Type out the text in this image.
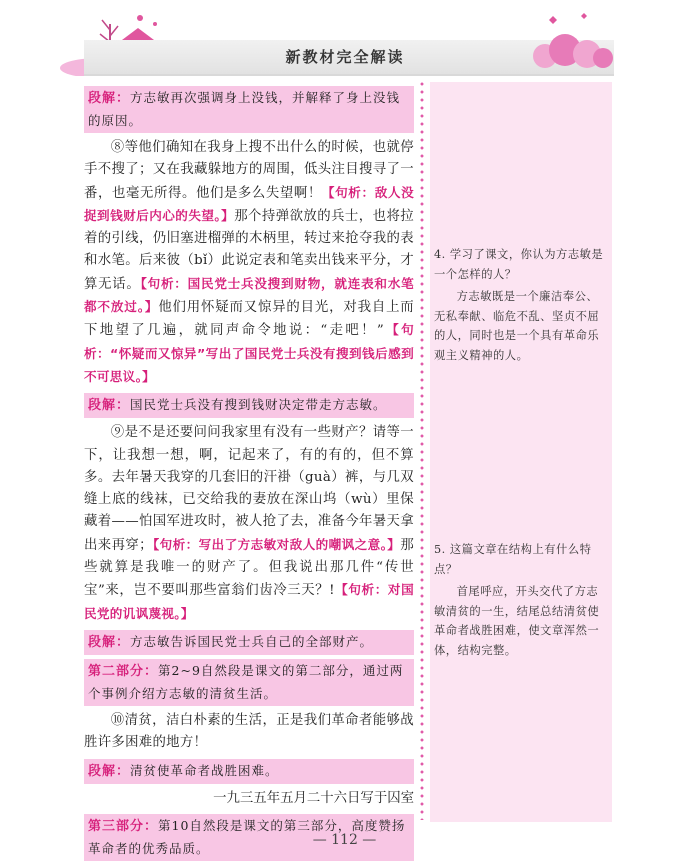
新教材完全解读
段解：方志敏再次强调身上没钱，并解释了身上没钱的原因。

⑧等他们确知在我身上搜不出什么的时候，也就停手不搜了；又在我藏躲地方的周围，低头注目搜寻了一番，也毫无所得。他们是多么失望啊！【句析：敌人没捉到钱财后内心的失望。】那个持弹欲放的兵士，也将拉着的引线，仍旧塞进榴弹的木柄里，转过来抢夺我的表和水笔。后来彼（bǐ）此说定表和笔卖出钱来平分，才算无话。【句析：国民党士兵没搜到财物，就连表和水笔都不放过。】他们用怀疑而又惊异的目光，对我自上而下地望了几遍，就同声命令地说：“走吧！”【句析：“怀疑而又惊异”写出了国民党士兵没有搜到钱后感到不可思议。】

段解：国民党士兵没有搜到钱财决定带走方志敏。

⑨是不是还要问问我家里有没有一些财产？请等一下，让我想一想，啊，记起来了，有的有的，但不算多。去年暑天我穿的几套旧的汗褂（guà）裤，与几双缝上底的线袜，已交给我的妻放在深山坞（wù）里保藏着——怕国军进攻时，被人抢了去，准备今年暑天拿出来再穿；【句析：写出了方志敏对敌人的嘲讽之意。】那些就算是我唯一的财产了。但我说出那几件“传世宝”来，岂不要叫那些富翁们齿冷三天？!【句析：对国民党的讥讽蔑视。】

段解：方志敏告诉国民党士兵自己的全部财产。
第二部分：第2~9自然段是课文的第二部分，通过两个事例介绍方志敏的清贫生活。

⑩清贫，洁白朴素的生活，正是我们革命者能够战胜许多困难的地方！

段解：清贫使革命者战胜困难。
一九三五年五月二十六日写于囚室
第三部分：第10自然段是课文的第三部分，高度赞扬革命者的优秀品质。
4. 学习了课文，你认为方志敏是一个怎样的人？
方志敏既是一个廉洁奉公、无私奉献、临危不乱、坚贞不屈的人，同时也是一个具有革命乐观主义精神的人。
5. 这篇文章在结构上有什么特点？
首尾呼应，开头交代了方志敏清贫的一生，结尾总结清贫使革命者战胜困难，使文章浑然一体，结构完整。
— 112 —
